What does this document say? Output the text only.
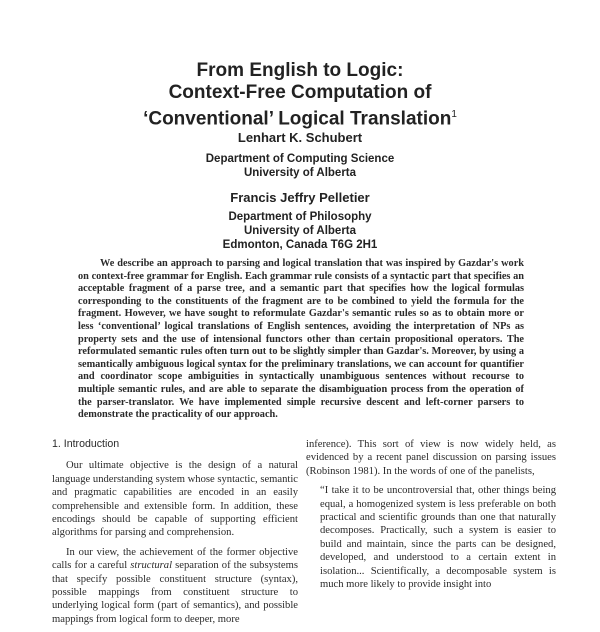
From English to Logic:
Context-Free Computation of
‘Conventional’ Logical Translation$^1$
Lenhart K. Schubert
Department of Computing Science
University of Alberta
Francis Jeffry Pelletier
Department of Philosophy
University of Alberta
Edmonton, Canada T6G 2H1

We describe an approach to parsing and logical translation that was inspired by Gazdar's work on context-free grammar for English. Each grammar rule consists of a syntactic part that specifies an acceptable fragment of a parse tree, and a semantic part that specifies how the logical formulas corresponding to the constituents of the fragment are to be combined to yield the formula for the fragment. However, we have sought to reformulate Gazdar's semantic rules so as to obtain more or less ‘conventional’ logical translations of English sentences, avoiding the interpretation of NPs as property sets and the use of intensional functors other than certain propositional operators. The reformulated semantic rules often turn out to be slightly simpler than Gazdar's. Moreover, by using a semantically ambiguous logical syntax for the preliminary translations, we can account for quantifier and coordinator scope ambiguities in syntactically unambiguous sentences without recourse to multiple semantic rules, and are able to separate the disambiguation process from the operation of the parser-translator. We have implemented simple recursive descent and left-corner parsers to demonstrate the practicality of our approach.

1. Introduction

Our ultimate objective is the design of a natural language understanding system whose syntactic, semantic and pragmatic capabilities are encoded in an easily comprehensible and extensible form. In addition, these encodings should be capable of supporting efficient algorithms for parsing and comprehension.

In our view, the achievement of the former objective calls for a careful structural separation of the subsystems that specify possible constituent structure (syntax), possible mappings from constituent structure to underlying logical form (part of semantics), and possible mappings from logical form to deeper, more

inference). This sort of view is now widely held, as evidenced by a recent panel discussion on parsing issues (Robinson 1981). In the words of one of the panelists,

“I take it to be uncontroversial that, other things being equal, a homogenized system is less preferable on both practical and scientific grounds than one that naturally decomposes. Practically, such a system is easier to build and maintain, since the parts can be designed, developed, and understood to a certain extent in isolation... Scientifically, a decomposable system is much more likely to provide insight into
